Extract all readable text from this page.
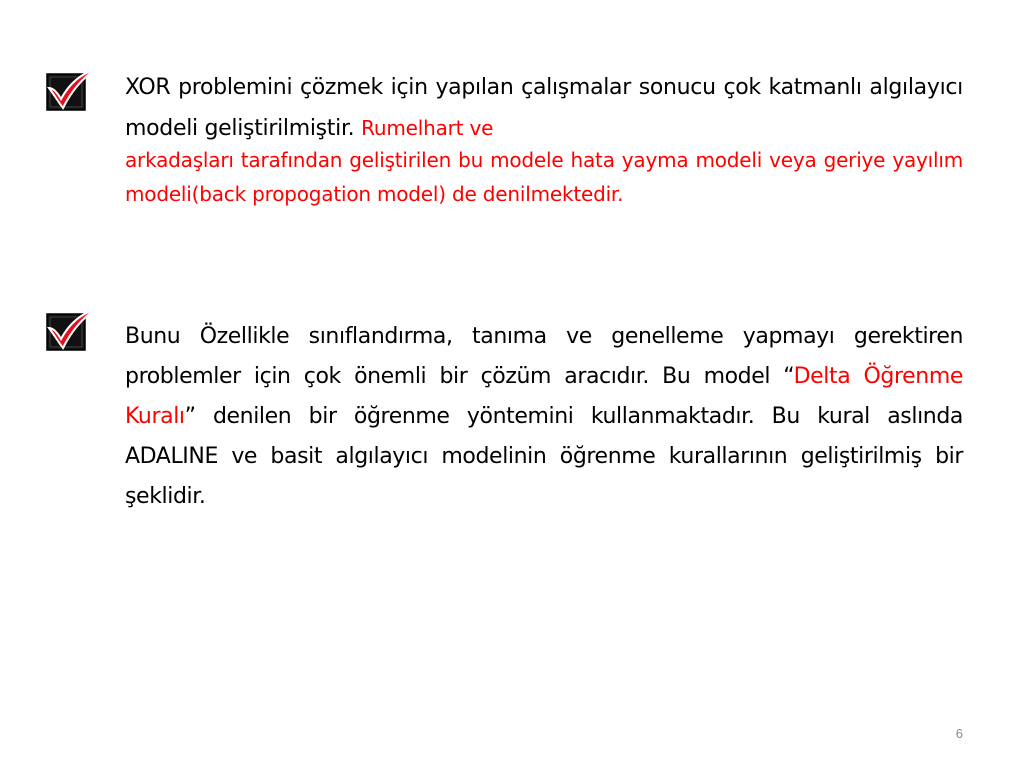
XOR problemini çözmek için yapılan çalışmalar sonucu çok katmanlı algılayıcı modeli geliştirilmiştir. Rumelhart ve
arkadaşları tarafından geliştirilen bu modele hata yayma modeli veya geriye yayılım modeli(back propogation model) de denilmektedir.
Bunu Özellikle sınıflandırma, tanıma ve genelleme yapmayı gerektiren problemler için çok önemli bir çözüm aracıdır. Bu model “Delta Öğrenme Kuralı” denilen bir öğrenme yöntemini kullanmaktadır. Bu kural aslında ADALINE ve basit algılayıcı modelinin öğrenme kurallarının geliştirilmiş bir şeklidir.
6
